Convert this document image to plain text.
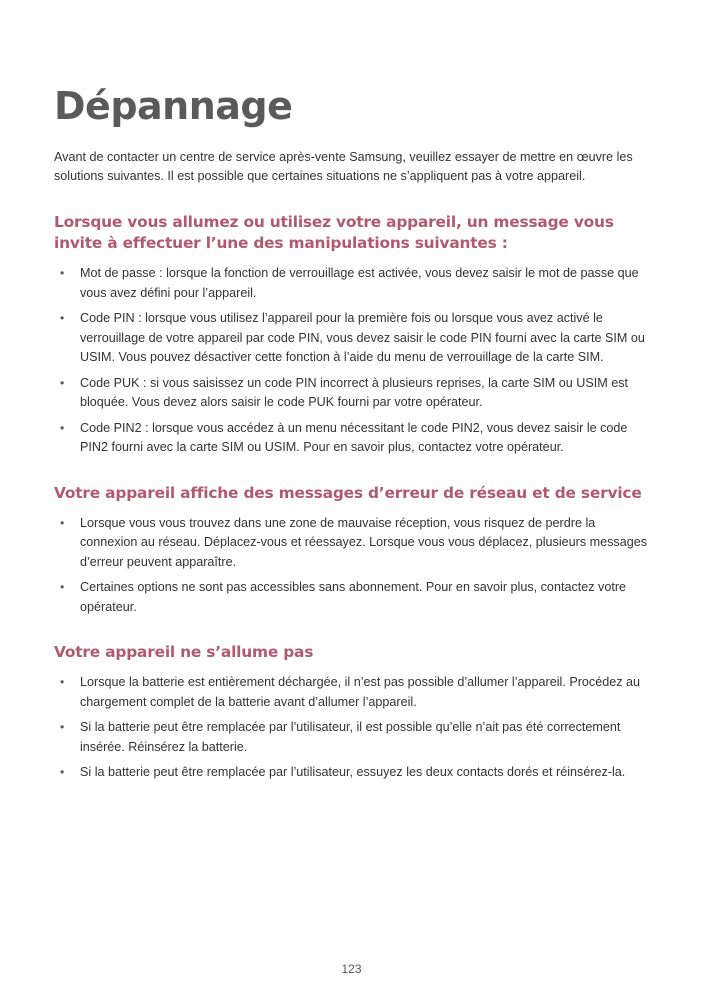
Dépannage

Avant de contacter un centre de service après-vente Samsung, veuillez essayer de mettre en œuvre les solutions suivantes. Il est possible que certaines situations ne s’appliquent pas à votre appareil.

Lorsque vous allumez ou utilisez votre appareil, un message vous invite à effectuer l’une des manipulations suivantes :
• Mot de passe : lorsque la fonction de verrouillage est activée, vous devez saisir le mot de passe que vous avez défini pour l’appareil.
• Code PIN : lorsque vous utilisez l’appareil pour la première fois ou lorsque vous avez activé le verrouillage de votre appareil par code PIN, vous devez saisir le code PIN fourni avec la carte SIM ou USIM. Vous pouvez désactiver cette fonction à l’aide du menu de verrouillage de la carte SIM.
• Code PUK : si vous saisissez un code PIN incorrect à plusieurs reprises, la carte SIM ou USIM est bloquée. Vous devez alors saisir le code PUK fourni par votre opérateur.
• Code PIN2 : lorsque vous accédez à un menu nécessitant le code PIN2, vous devez saisir le code PIN2 fourni avec la carte SIM ou USIM. Pour en savoir plus, contactez votre opérateur.
Votre appareil affiche des messages d’erreur de réseau et de service
• Lorsque vous vous trouvez dans une zone de mauvaise réception, vous risquez de perdre la connexion au réseau. Déplacez-vous et réessayez. Lorsque vous vous déplacez, plusieurs messages d’erreur peuvent apparaître.
• Certaines options ne sont pas accessibles sans abonnement. Pour en savoir plus, contactez votre opérateur.
Votre appareil ne s’allume pas
• Lorsque la batterie est entièrement déchargée, il n’est pas possible d’allumer l’appareil. Procédez au chargement complet de la batterie avant d’allumer l’appareil.
• Si la batterie peut être remplacée par l’utilisateur, il est possible qu’elle n’ait pas été correctement insérée. Réinsérez la batterie.
• Si la batterie peut être remplacée par l’utilisateur, essuyez les deux contacts dorés et réinsérez-la.
123
